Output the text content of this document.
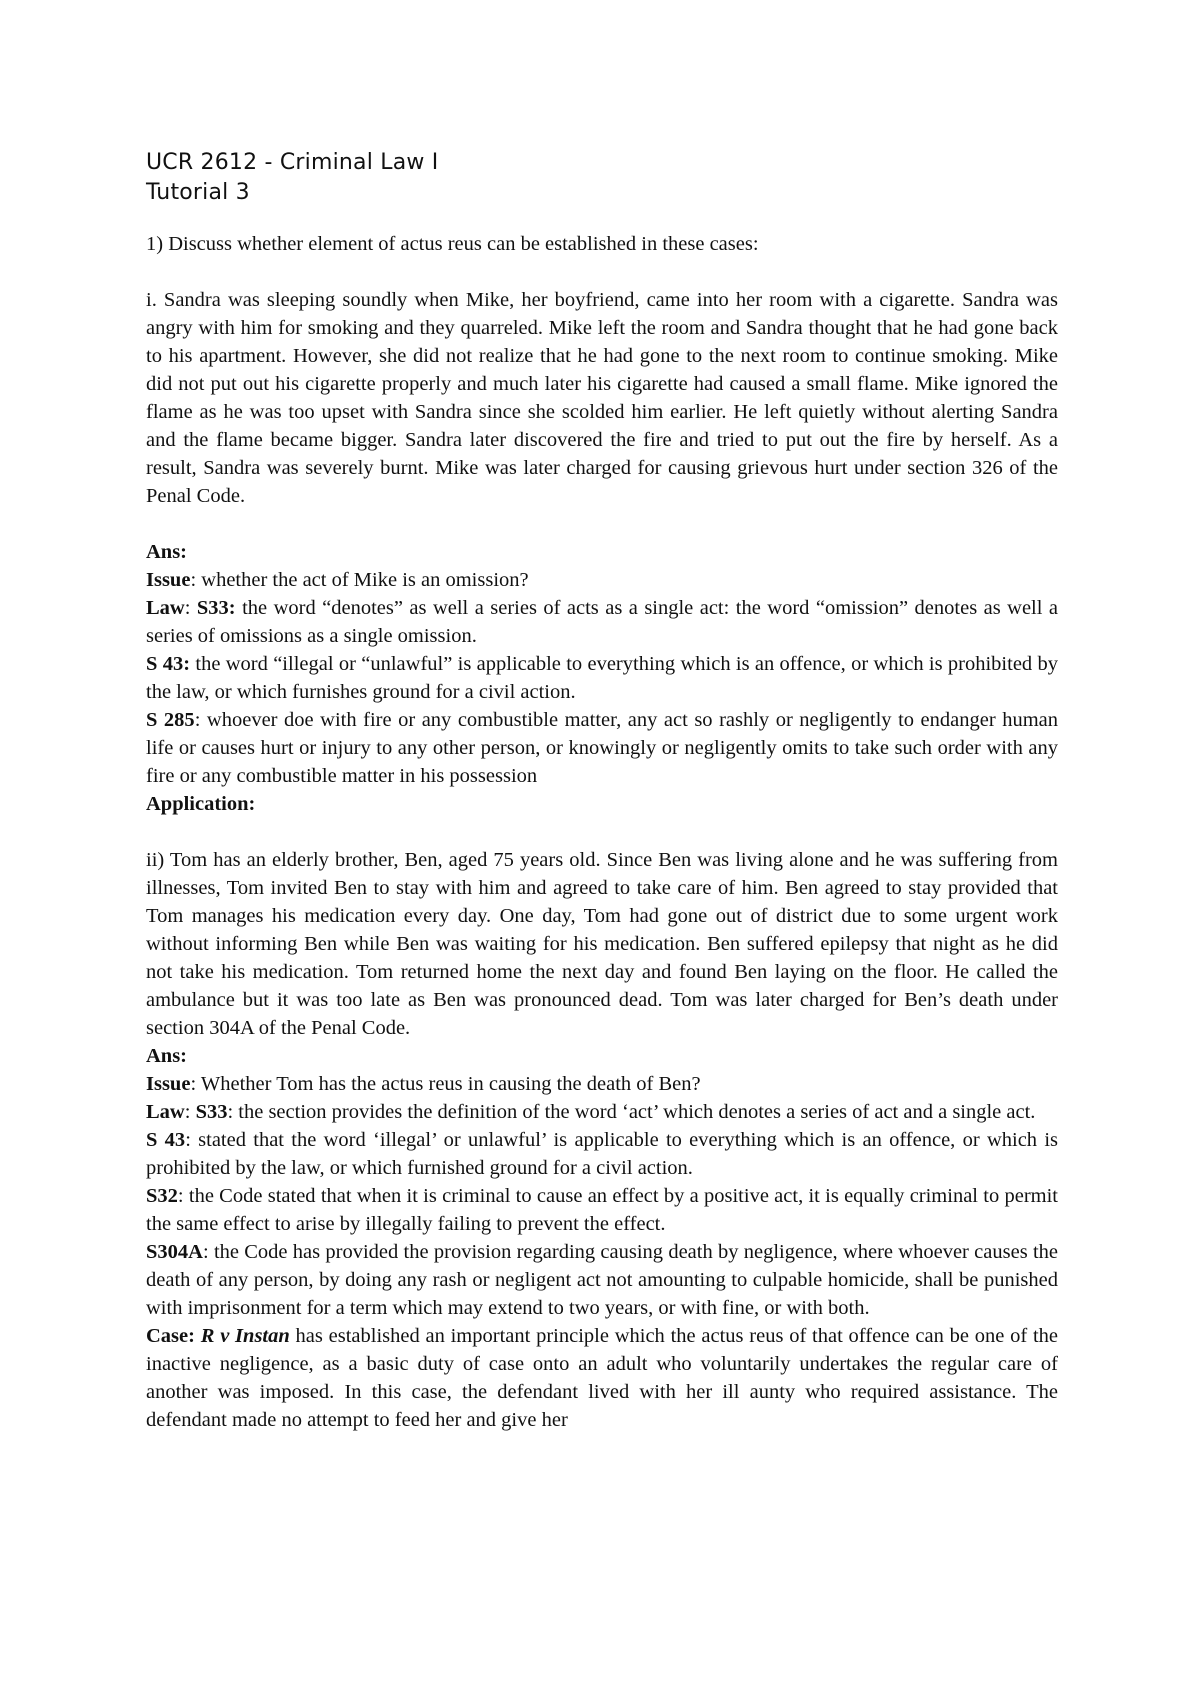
UCR 2612 - Criminal Law I
Tutorial 3

1) Discuss whether element of actus reus can be established in these cases:

i. Sandra was sleeping soundly when Mike, her boyfriend, came into her room with a cigarette. Sandra was angry with him for smoking and they quarreled. Mike left the room and Sandra thought that he had gone back to his apartment. However, she did not realize that he had gone to the next room to continue smoking. Mike did not put out his cigarette properly and much later his cigarette had caused a small flame. Mike ignored the flame as he was too upset with Sandra since she scolded him earlier. He left quietly without alerting Sandra and the flame became bigger. Sandra later discovered the fire and tried to put out the fire by herself. As a result, Sandra was severely burnt. Mike was later charged for causing grievous hurt under section 326 of the Penal Code.

Ans:

Issue: whether the act of Mike is an omission?

Law: S33: the word “denotes” as well a series of acts as a single act: the word “omission” denotes as well a series of omissions as a single omission.

S 43: the word “illegal or “unlawful” is applicable to everything which is an offence, or which is prohibited by the law, or which furnishes ground for a civil action.

S 285: whoever doe with fire or any combustible matter, any act so rashly or negligently to endanger human life or causes hurt or injury to any other person, or knowingly or negligently omits to take such order with any fire or any combustible matter in his possession

Application:

ii) Tom has an elderly brother, Ben, aged 75 years old. Since Ben was living alone and he was suffering from illnesses, Tom invited Ben to stay with him and agreed to take care of him. Ben agreed to stay provided that Tom manages his medication every day. One day, Tom had gone out of district due to some urgent work without informing Ben while Ben was waiting for his medication. Ben suffered epilepsy that night as he did not take his medication. Tom returned home the next day and found Ben laying on the floor. He called the ambulance but it was too late as Ben was pronounced dead. Tom was later charged for Ben’s death under section 304A of the Penal Code.

Ans:

Issue: Whether Tom has the actus reus in causing the death of Ben?

Law: S33: the section provides the definition of the word ‘act’ which denotes a series of act and a single act.

S 43: stated that the word ‘illegal’ or unlawful’ is applicable to everything which is an offence, or which is prohibited by the law, or which furnished ground for a civil action.

S32: the Code stated that when it is criminal to cause an effect by a positive act, it is equally criminal to permit the same effect to arise by illegally failing to prevent the effect.

S304A: the Code has provided the provision regarding causing death by negligence, where whoever causes the death of any person, by doing any rash or negligent act not amounting to culpable homicide, shall be punished with imprisonment for a term which may extend to two years, or with fine, or with both.

Case: R v Instan has established an important principle which the actus reus of that offence can be one of the inactive negligence, as a basic duty of case onto an adult who voluntarily undertakes the regular care of another was imposed. In this case, the defendant lived with her ill aunty who required assistance. The defendant made no attempt to feed her and give her
